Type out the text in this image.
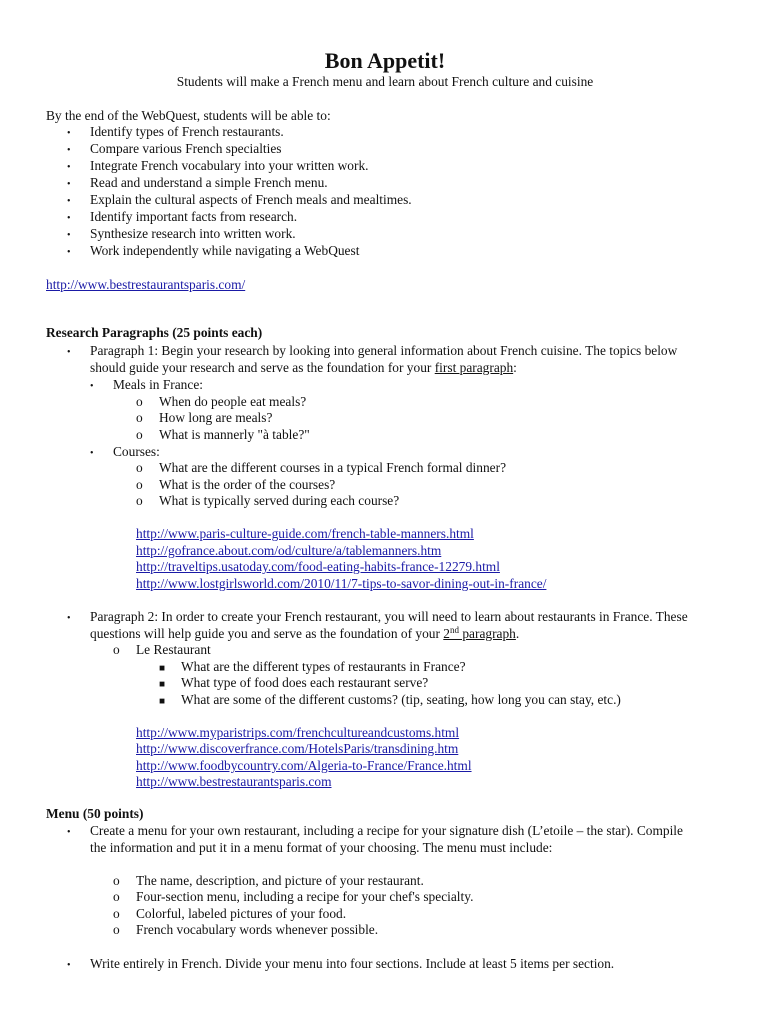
Bon Appetit!
Students will make a French menu and learn about French culture and cuisine
By the end of the WebQuest, students will be able to:
• Identify types of French restaurants.
• Compare various French specialties
• Integrate French vocabulary into your written work.
• Read and understand a simple French menu.
• Explain the cultural aspects of French meals and mealtimes.
• Identify important facts from research.
• Synthesize research into written work.
• Work independently while navigating a WebQuest
http://www.bestrestaurantsparis.com/
Research Paragraphs (25 points each)
• Paragraph 1: Begin your research by looking into general information about French cuisine. The topics below
should guide your research and serve as the foundation for your first paragraph:
• Meals in France:
o When do people eat meals?
o How long are meals?
o What is mannerly "à table?"
• Courses:
o What are the different courses in a typical French formal dinner?
o What is the order of the courses?
o What is typically served during each course?
http://www.paris-culture-guide.com/french-table-manners.html
http://gofrance.about.com/od/culture/a/tablemanners.htm
http://traveltips.usatoday.com/food-eating-habits-france-12279.html
http://www.lostgirlsworld.com/2010/11/7-tips-to-savor-dining-out-in-france/
• Paragraph 2: In order to create your French restaurant, you will need to learn about restaurants in France. These
questions will help guide you and serve as the foundation of your 2nd paragraph.
o Le Restaurant
■ What are the different types of restaurants in France?
■ What type of food does each restaurant serve?
■ What are some of the different customs? (tip, seating, how long you can stay, etc.)
http://www.myparistrips.com/frenchcultureandcustoms.html
http://www.discoverfrance.com/HotelsParis/transdining.htm
http://www.foodbycountry.com/Algeria-to-France/France.html
http://www.bestrestaurantsparis.com
Menu (50 points)
• Create a menu for your own restaurant, including a recipe for your signature dish (L’etoile – the star). Compile
the information and put it in a menu format of your choosing. The menu must include:
o The name, description, and picture of your restaurant.
o Four-section menu, including a recipe for your chef's specialty.
o Colorful, labeled pictures of your food.
o French vocabulary words whenever possible.
• Write entirely in French. Divide your menu into four sections. Include at least 5 items per section.
